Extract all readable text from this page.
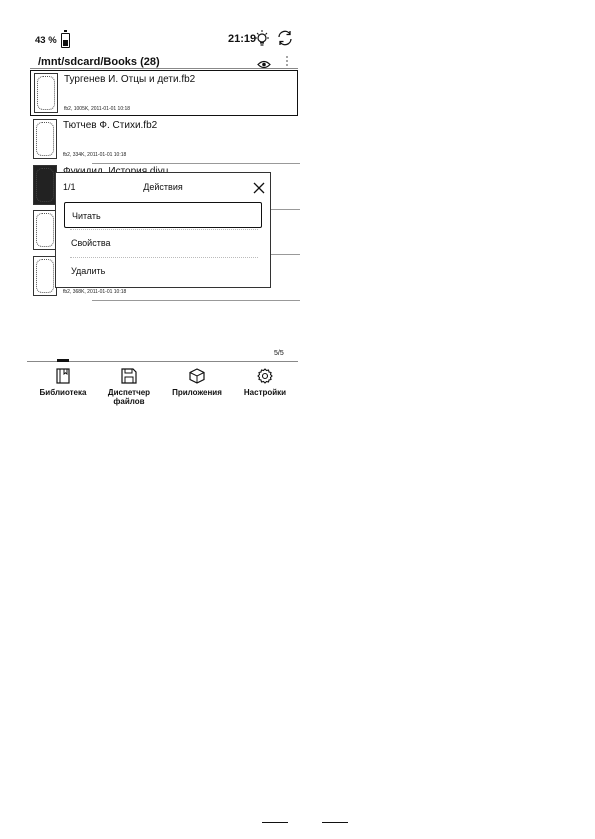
43 %	21:19
/mnt/sdcard/Books (28)
Тургенев И. Отцы и дети.fb2
fb2, 1005K, 2011-01-01 10:18
Тютчев Ф. Стихи.fb2
fb2, 334K, 2011-01-01 10:18
fb2, 368K, 2011-01-01 10:18
1/1	Действия
Читать
Свойства
Удалить
5/5
Библиотека	Диспетчер
файлов
Приложения	Настройки
